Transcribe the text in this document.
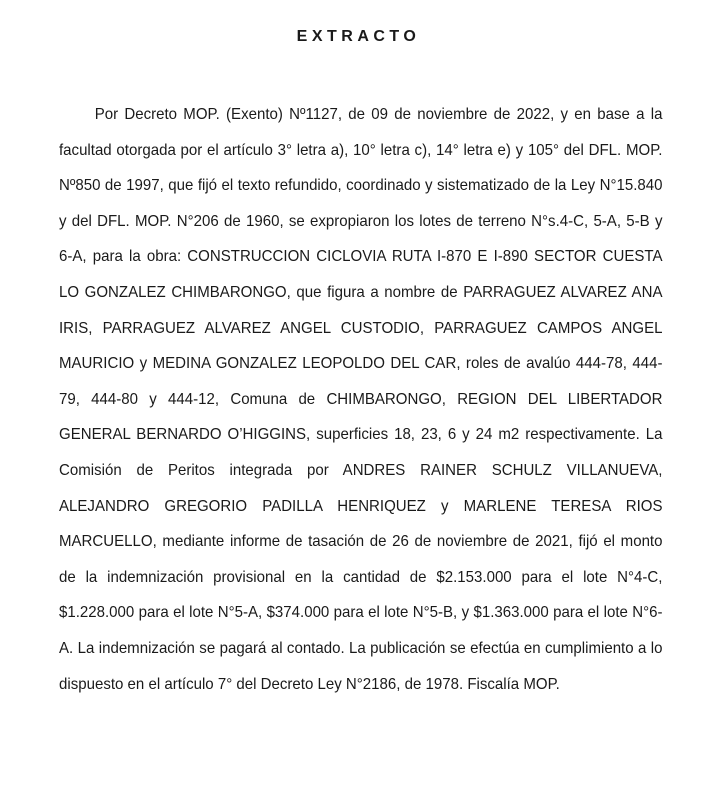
EXTRACTO

Por Decreto MOP. (Exento) Nº1127, de 09 de noviembre de 2022, y en base a la facultad otorgada por el artículo 3° letra a), 10° letra c), 14° letra e) y 105° del DFL. MOP. Nº850 de 1997, que fijó el texto refundido, coordinado y sistematizado de la Ley N°15.840 y del DFL. MOP. N°206 de 1960, se expropiaron los lotes de terreno N°s.4-C, 5-A, 5-B y 6-A, para la obra: CONSTRUCCION CICLOVIA RUTA I-870 E I-890 SECTOR CUESTA LO GONZALEZ CHIMBARONGO, que figura a nombre de PARRAGUEZ ALVAREZ ANA IRIS, PARRAGUEZ ALVAREZ ANGEL CUSTODIO, PARRAGUEZ CAMPOS ANGEL MAURICIO y MEDINA GONZALEZ LEOPOLDO DEL CAR, roles de avalúo 444-78, 444-79, 444-80 y 444-12, Comuna de CHIMBARONGO, REGION DEL LIBERTADOR GENERAL BERNARDO O’HIGGINS, superficies 18, 23, 6 y 24 m2 respectivamente. La Comisión de Peritos integrada por ANDRES RAINER SCHULZ VILLANUEVA, ALEJANDRO GREGORIO PADILLA HENRIQUEZ y MARLENE TERESA RIOS MARCUELLO, mediante informe de tasación de 26 de noviembre de 2021, fijó el monto de la indemnización provisional en la cantidad de $2.153.000 para el lote N°4-C, $1.228.000 para el lote N°5-A, $374.000 para el lote N°5-B, y $1.363.000 para el lote N°6-A. La indemnización se pagará al contado. La publicación se efectúa en cumplimiento a lo dispuesto en el artículo 7° del Decreto Ley N°2186, de 1978. Fiscalía MOP.
